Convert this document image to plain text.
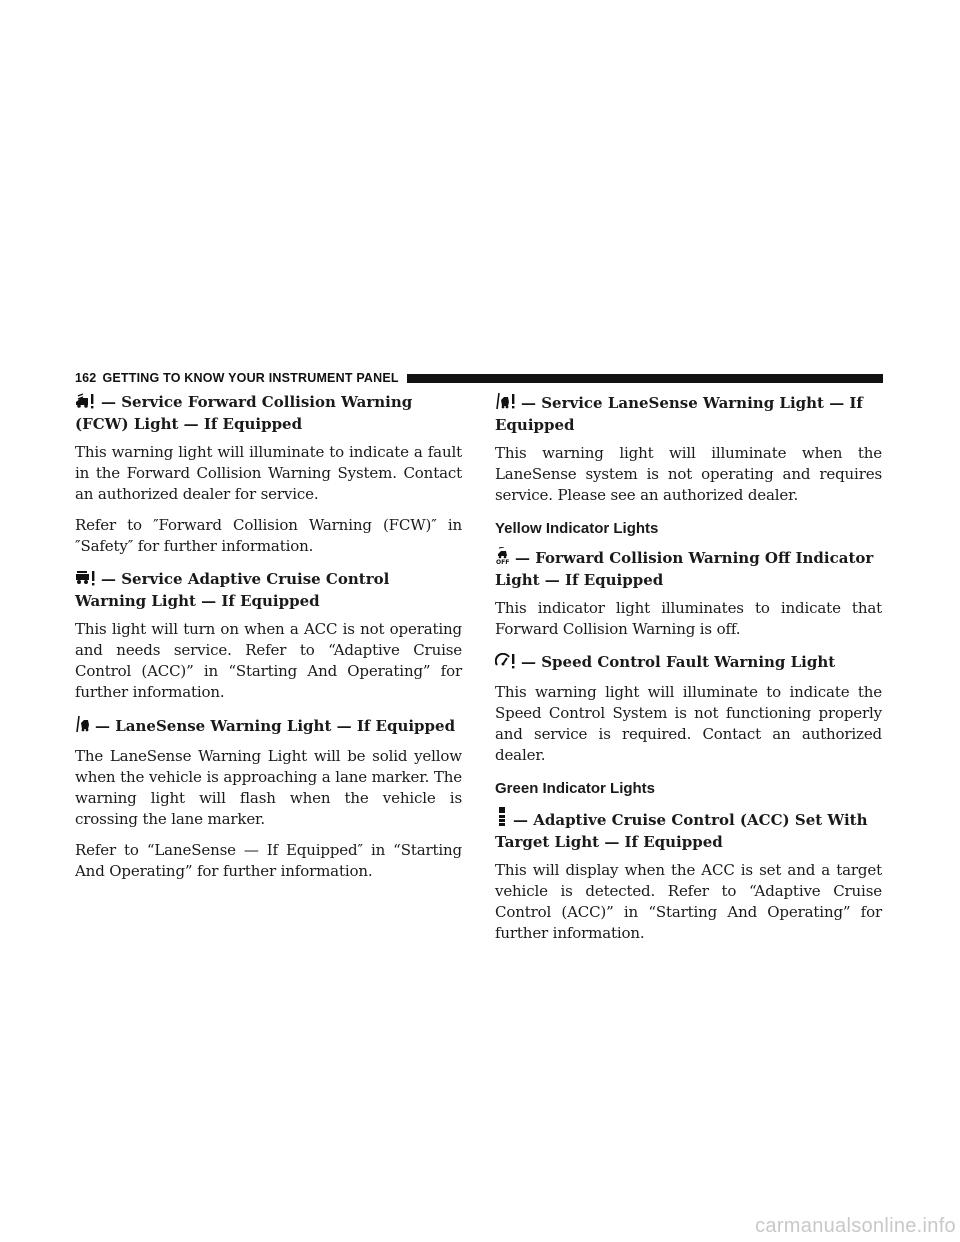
162 GETTING TO KNOW YOUR INSTRUMENT PANEL
— Service Forward Collision Warning (FCW) Light — If Equipped

This warning light will illuminate to indicate a fault in the Forward Collision Warning System. Contact an authorized dealer for service.

Refer to ″Forward Collision Warning (FCW)″ in ″Safety″ for further information.

— Service Adaptive Cruise Control Warning Light — If Equipped

This light will turn on when a ACC is not operating and needs service. Refer to “Adaptive Cruise Control (ACC)” in “Starting And Operating” for further information.

— LaneSense Warning Light — If Equipped

The LaneSense Warning Light will be solid yellow when the vehicle is approaching a lane marker. The warning light will flash when the vehicle is crossing the lane marker.

Refer to “LaneSense — If Equipped″ in “Starting And Operating” for further information.

— Service LaneSense Warning Light — If Equipped

This warning light will illuminate when the LaneSense system is not operating and requires service. Please see an authorized dealer.

Yellow Indicator Lights
OFF — Forward Collision Warning Off Indicator Light — If Equipped

This indicator light illuminates to indicate that Forward Collision Warning is off.

— Speed Control Fault Warning Light

This warning light will illuminate to indicate the Speed Control System is not functioning properly and service is required. Contact an authorized dealer.

Green Indicator Lights
— Adaptive Cruise Control (ACC) Set With Target Light — If Equipped

This will display when the ACC is set and a target vehicle is detected. Refer to “Adaptive Cruise Control (ACC)” in “Starting And Operating” for further information.

carmanualsonline.info
